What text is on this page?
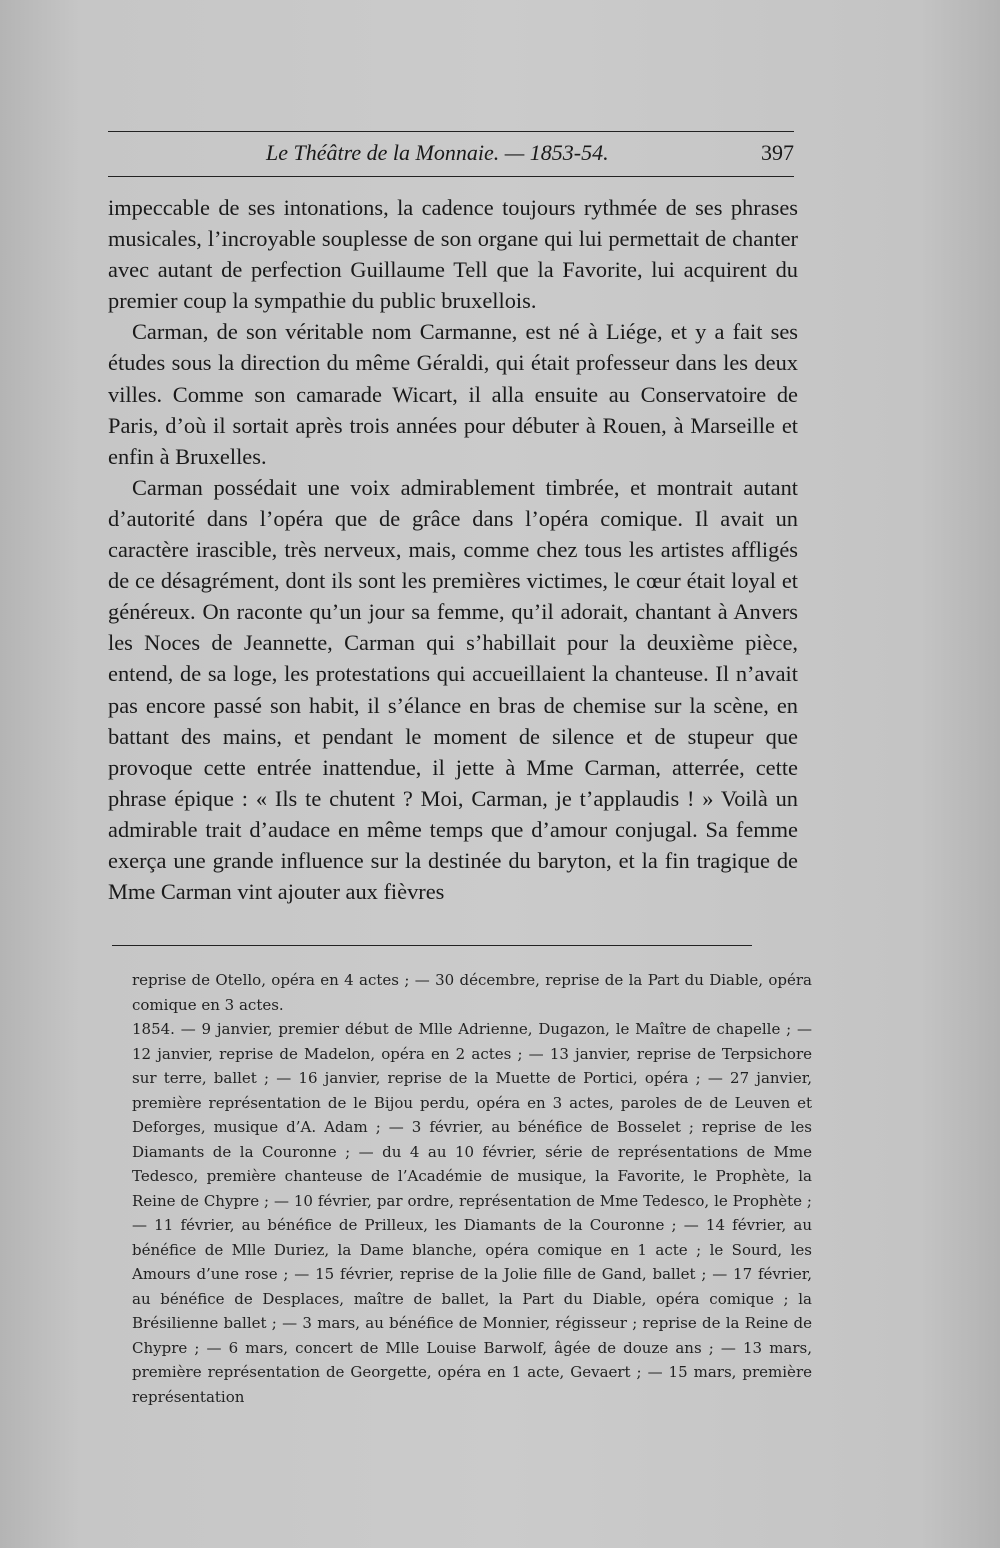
Le Théâtre de la Monnaie. — 1853-54.	397

impeccable de ses intonations, la cadence toujours rythmée de ses phrases musicales, l’incroyable souplesse de son organe qui lui permettait de chanter avec autant de perfection Guillaume Tell que la Favorite, lui acquirent du premier coup la sympathie du public bruxellois.

Carman, de son véritable nom Carmanne, est né à Liége, et y a fait ses études sous la direction du même Géraldi, qui était professeur dans les deux villes. Comme son camarade Wicart, il alla ensuite au Conservatoire de Paris, d’où il sortait après trois années pour débuter à Rouen, à Marseille et enfin à Bruxelles.

Carman possédait une voix admirablement timbrée, et montrait autant d’autorité dans l’opéra que de grâce dans l’opéra comique. Il avait un caractère irascible, très nerveux, mais, comme chez tous les artistes affligés de ce désagrément, dont ils sont les premières victimes, le cœur était loyal et généreux. On raconte qu’un jour sa femme, qu’il adorait, chantant à Anvers les Noces de Jeannette, Carman qui s’habillait pour la deuxième pièce, entend, de sa loge, les protestations qui accueillaient la chanteuse. Il n’avait pas encore passé son habit, il s’élance en bras de chemise sur la scène, en battant des mains, et pendant le moment de silence et de stupeur que provoque cette entrée inattendue, il jette à Mme Carman, atterrée, cette phrase épique : « Ils te chutent ? Moi, Carman, je t’applaudis ! » Voilà un admirable trait d’audace en même temps que d’amour conjugal. Sa femme exerça une grande influence sur la destinée du baryton, et la fin tragique de Mme Carman vint ajouter aux fièvres

reprise de Otello, opéra en 4 actes ; — 30 décembre, reprise de la Part du Diable, opéra comique en 3 actes.

1854. — 9 janvier, premier début de Mlle Adrienne, Dugazon, le Maître de chapelle ; — 12 janvier, reprise de Madelon, opéra en 2 actes ; — 13 janvier, reprise de Terpsichore sur terre, ballet ; — 16 janvier, reprise de la Muette de Portici, opéra ; — 27 janvier, première représentation de le Bijou perdu, opéra en 3 actes, paroles de de Leuven et Deforges, musique d’A. Adam ; — 3 février, au bénéfice de Bosselet ; reprise de les Diamants de la Couronne ; — du 4 au 10 février, série de représentations de Mme Tedesco, première chanteuse de l’Académie de musique, la Favorite, le Prophète, la Reine de Chypre ; — 10 février, par ordre, représentation de Mme Tedesco, le Prophète ; — 11 février, au bénéfice de Prilleux, les Diamants de la Couronne ; — 14 février, au bénéfice de Mlle Duriez, la Dame blanche, opéra comique en 1 acte ; le Sourd, les Amours d’une rose ; — 15 février, reprise de la Jolie fille de Gand, ballet ; — 17 février, au bénéfice de Desplaces, maître de ballet, la Part du Diable, opéra comique ; la Brésilienne ballet ; — 3 mars, au bénéfice de Monnier, régisseur ; reprise de la Reine de Chypre ; — 6 mars, concert de Mlle Louise Barwolf, âgée de douze ans ; — 13 mars, première représentation de Georgette, opéra en 1 acte, Gevaert ; — 15 mars, première représentation
